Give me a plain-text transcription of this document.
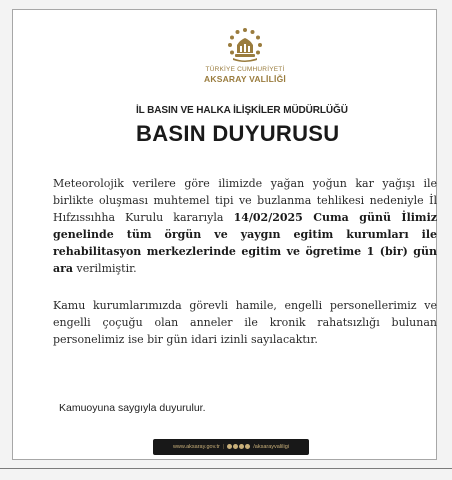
TÜRKİYE CUMHURİYETİ
AKSARAY VALİLİĞİ
İL BASIN VE HALKA İLİŞKİLER MÜDÜRLÜĞÜ
BASIN DUYURUSU
Meteorolojik verilere göre ilimizde yağan yoğun kar yağışı ile birlikte oluşması muhtemel tipi ve buzlanma tehlikesi nedeniyle İl Hıfzıssıhha Kurulu kararıyla 14/02/2025 Cuma günü İlimiz genelinde tüm örgün ve yaygın egitim kurumları ile rehabilitasyon merkezlerinde egitim ve ögretime 1 (bir) gün ara verilmiştir.
Kamu kurumlarımızda görevli hamile, engelli personellerimiz ve engelli çoçuğu olan anneler ile kronik rahatsızlığı bulunan personelimiz ise bir gün idari izinli sayılacaktır.
Kamuoyuna saygıyla duyurulur.
www.aksaray.gov.tr |	/aksarayvaliligi
